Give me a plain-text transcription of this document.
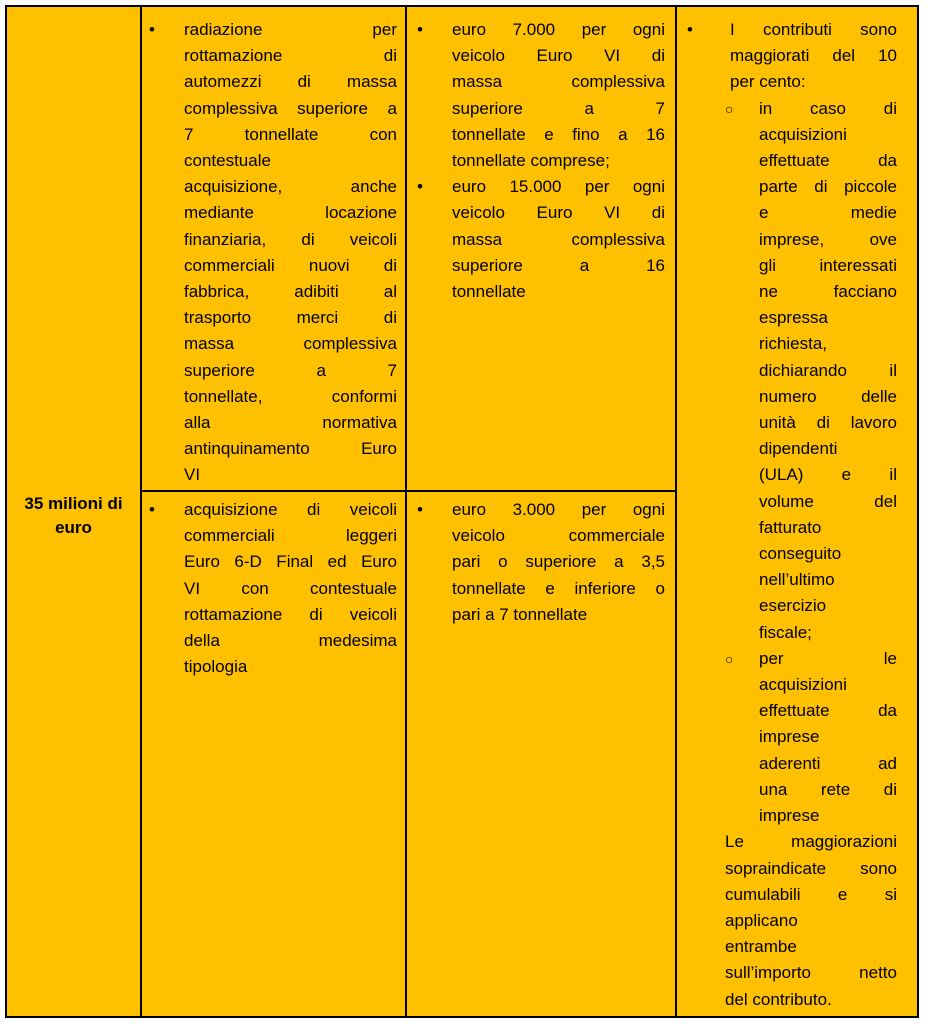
35 milioni di
euro
• radiazione per
rottamazione di
automezzi di massa
complessiva superiore a
7 tonnellate con
contestuale
acquisizione, anche
mediante locazione
finanziaria, di veicoli
commerciali nuovi di
fabbrica, adibiti al
trasporto merci di
massa complessiva
superiore a 7
tonnellate, conformi
alla normativa
antinquinamento Euro
VI
• euro 7.000 per ogni
veicolo Euro VI di
massa complessiva
superiore a 7
tonnellate e fino a 16
tonnellate comprese;
• euro 15.000 per ogni
veicolo Euro VI di
massa complessiva
superiore a 16
tonnellate
• acquisizione di veicoli
commerciali leggeri
Euro 6-D Final ed Euro
VI con contestuale
rottamazione di veicoli
della medesima
tipologia
• euro 3.000 per ogni
veicolo commerciale
pari o superiore a 3,5
tonnellate e inferiore o
pari a 7 tonnellate
• I contributi sono
maggiorati del 10
per cento:
○ in caso di
acquisizioni
effettuate da
parte di piccole
e medie
imprese, ove
gli interessati
ne facciano
espressa
richiesta,
dichiarando il
numero delle
unità di lavoro
dipendenti
(ULA) e il
volume del
fatturato
conseguito
nell’ultimo
esercizio
fiscale;
○ per le
acquisizioni
effettuate da
imprese
aderenti ad
una rete di
imprese
Le maggiorazioni
sopraindicate sono
cumulabili e si
applicano
entrambe
sull’importo netto
del contributo.
